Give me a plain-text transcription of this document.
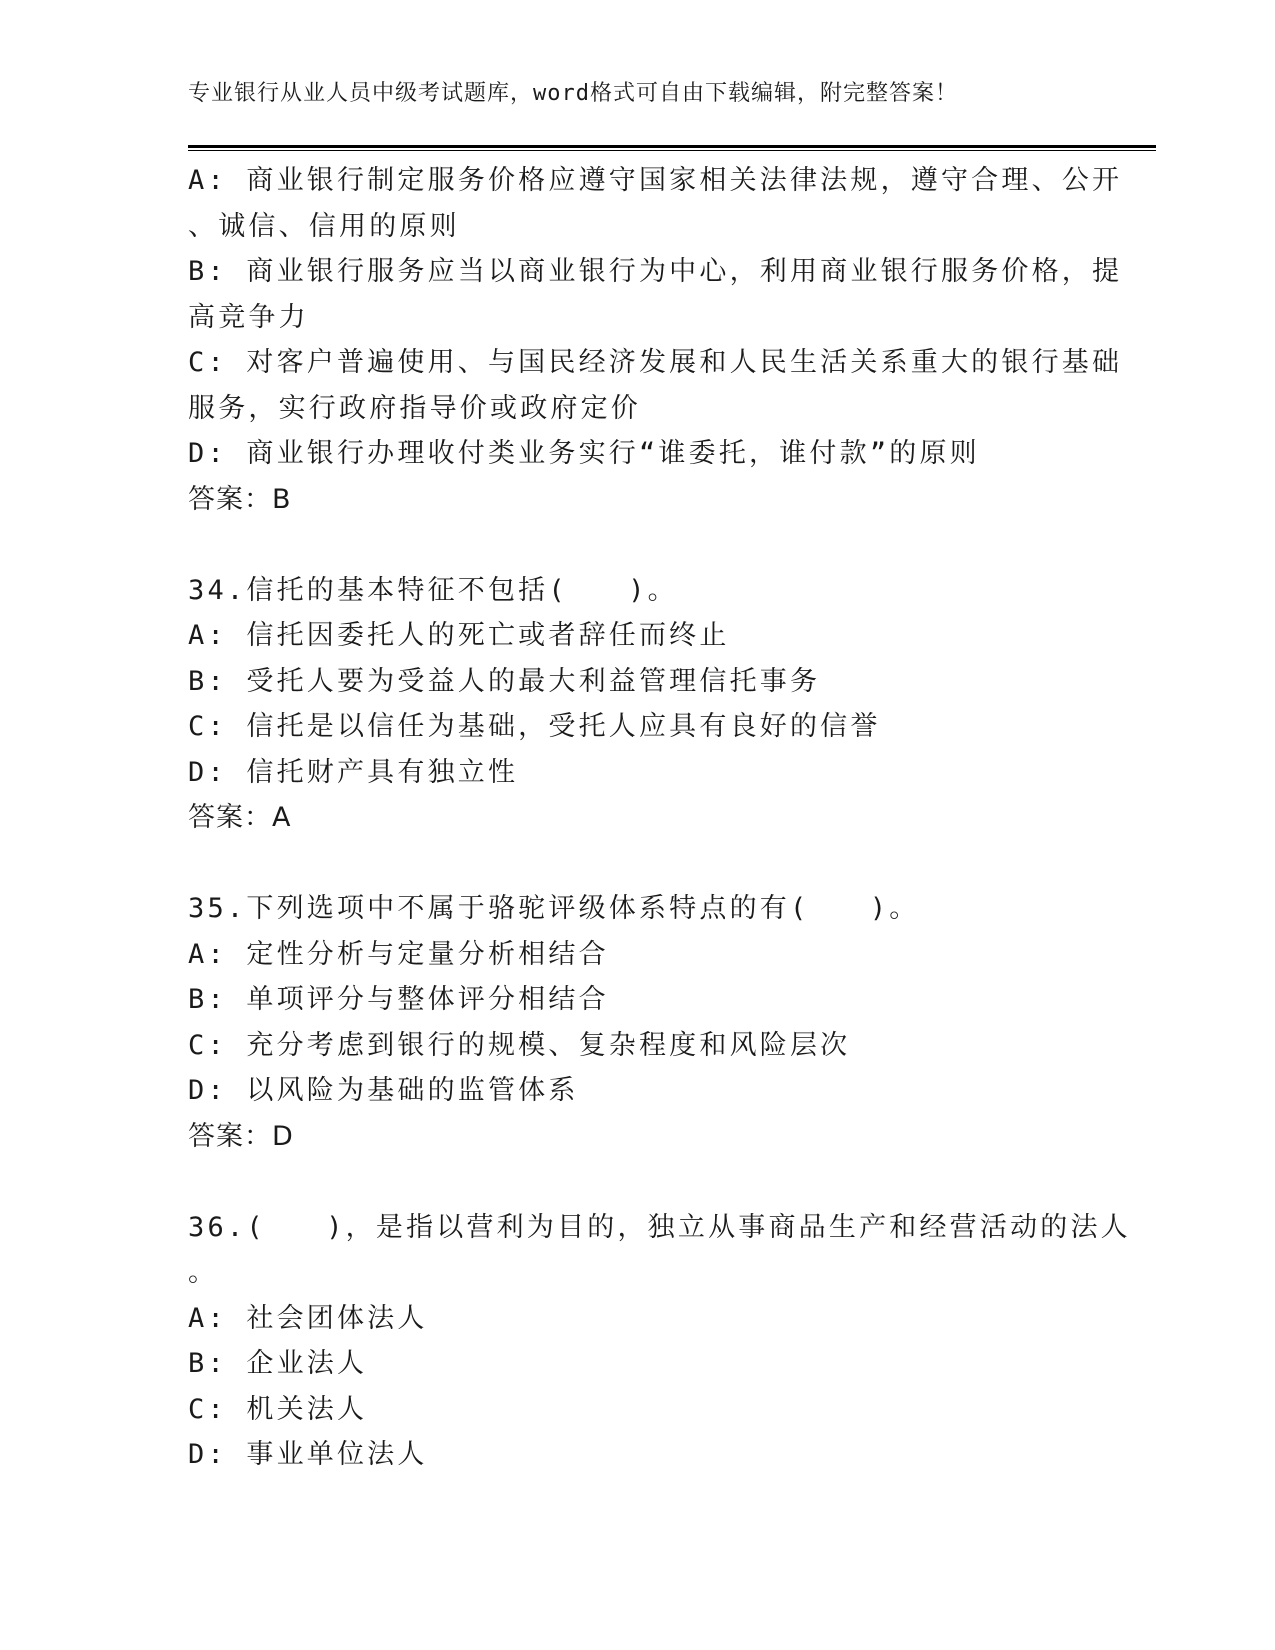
专业银行从业人员中级考试题库，word格式可自由下载编辑，附完整答案！
A: 商业银行制定服务价格应遵守国家相关法律法规，遵守合理、公开
、诚信、信用的原则
B: 商业银行服务应当以商业银行为中心，利用商业银行服务价格，提
高竞争力
C: 对客户普遍使用、与国民经济发展和人民生活关系重大的银行基础
服务，实行政府指导价或政府定价
D: 商业银行办理收付类业务实行“谁委托，谁付款”的原则
答案：B
34.信托的基本特征不包括(　　)。
A: 信托因委托人的死亡或者辞任而终止
B: 受托人要为受益人的最大利益管理信托事务
C: 信托是以信任为基础，受托人应具有良好的信誉
D: 信托财产具有独立性
答案：A
35.下列选项中不属于骆驼评级体系特点的有(　　)。
A: 定性分析与定量分析相结合
B: 单项评分与整体评分相结合
C: 充分考虑到银行的规模、复杂程度和风险层次
D: 以风险为基础的监管体系
答案：D
36.(　　)，是指以营利为目的，独立从事商品生产和经营活动的法人
。
A: 社会团体法人
B: 企业法人
C: 机关法人
D: 事业单位法人
